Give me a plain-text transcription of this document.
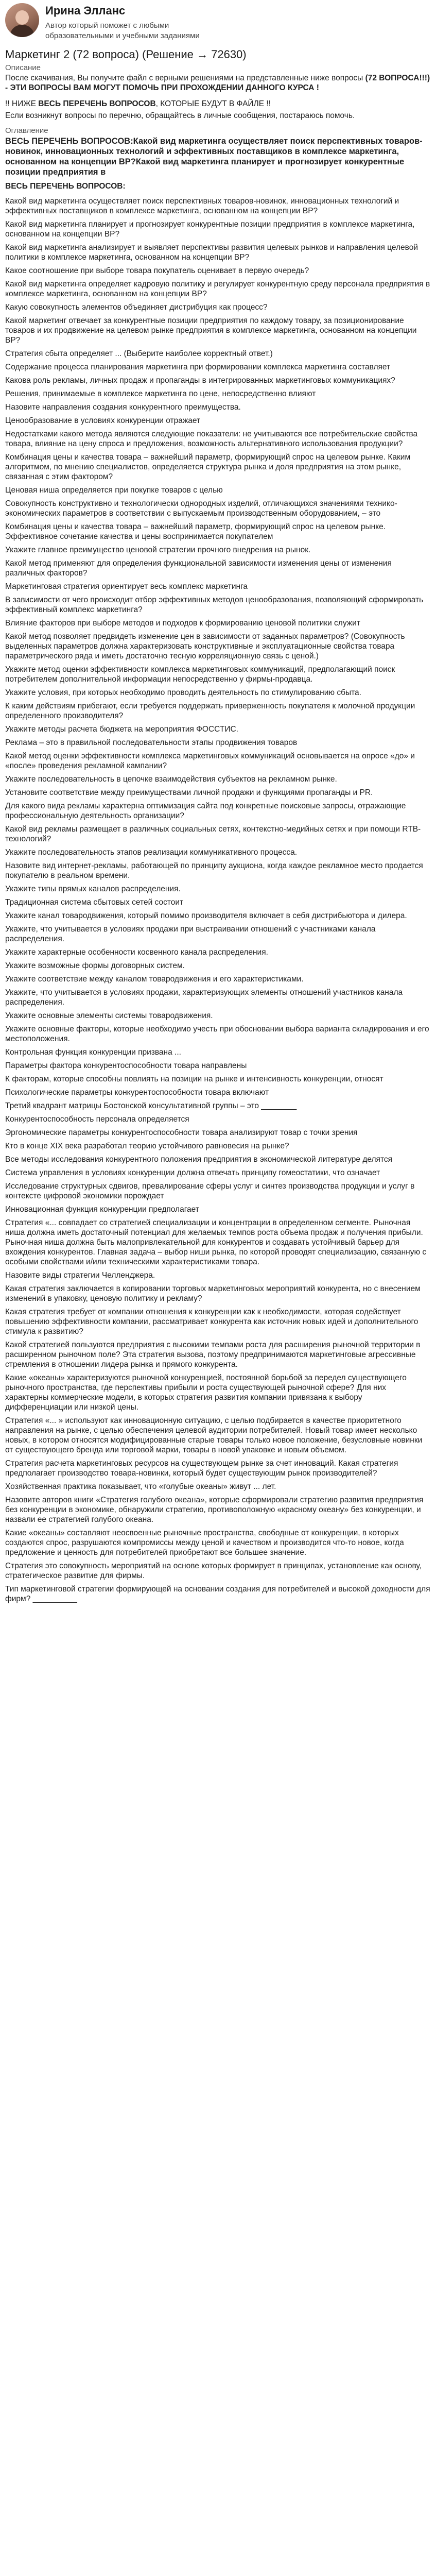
Ирина Элланс
Автор который поможет с любыми образовательными и учебными заданиями
Маркетинг 2 (72 вопроса) (Решение → 72630)
Описание

После скачивания, Вы получите файл с верными решениями на представленные ниже вопросы (72 ВОПРОСА!!!) - ЭТИ ВОПРОСЫ ВАМ МОГУТ ПОМОЧЬ ПРИ ПРОХОЖДЕНИИ ДАННОГО КУРСА !

!! НИЖЕ ВЕСЬ ПЕРЕЧЕНЬ ВОПРОСОВ, КОТОРЫЕ БУДУТ В ФАЙЛЕ !!

Если возникнут вопросы по перечню, обращайтесь в личные сообщения, постараюсь помочь.

Оглавление
ВЕСЬ ПЕРЕЧЕНЬ ВОПРОСОВ:Какой вид маркетинга осуществляет поиск перспективных товаров-новинок, инновационных технологий и эффективных поставщиков в комплексе маркетинга, основанном на концепции ВР?Какой вид маркетинга планирует и прогнозирует конкурентные позиции предприятия в
ВЕСЬ ПЕРЕЧЕНЬ ВОПРОСОВ:
Какой вид маркетинга осуществляет поиск перспективных товаров-новинок, инновационных технологий и эффективных поставщиков в комплексе маркетинга, основанном на концепции ВР?
Какой вид маркетинга планирует и прогнозирует конкурентные позиции предприятия в комплексе маркетинга, основанном на концепции ВР?
Какой вид маркетинга анализирует и выявляет перспективы развития целевых рынков и направления целевой политики в комплексе маркетинга, основанном на концепции ВР?
Какое соотношение при выборе товара покупатель оценивает в первую очередь?
Какой вид маркетинга определяет кадровую политику и регулирует конкурентную среду персонала предприятия в комплексе маркетинга, основанном на концепции ВР?
Какую совокупность элементов объединяет дистрибуция как процесс?
Какой маркетинг отвечает за конкурентные позиции предприятия по каждому товару, за позиционирование товаров и их продвижение на целевом рынке предприятия в комплексе маркетинга, основанном на концепции ВР?
Стратегия сбыта определяет ... (Выберите наиболее корректный ответ.)
Содержание процесса планирования маркетинга при формировании комплекса маркетинга составляет
Какова роль рекламы, личных продаж и пропаганды в интегрированных маркетинговых коммуникациях?
Решения, принимаемые в комплексе маркетинга по цене, непосредственно влияют
Назовите направления создания конкурентного преимущества.
Ценообразование в условиях конкуренции отражает
Недостатками какого метода являются следующие показатели: не учитываются все потребительские свойства товара, влияние на цену спроса и предложения, возможность альтернативного использования продукции?
Комбинация цены и качества товара – важнейший параметр, формирующий спрос на целевом рынке. Каким алгоритмом, по мнению специалистов, определяется структура рынка и доля предприятия на этом рынке, связанная с этим фактором?
Ценовая ниша определяется при покупке товаров с целью
Совокупность конструктивно и технологически однородных изделий, отличающихся значениями технико-экономических параметров в соответствии с выпускаемым производственным оборудованием, – это
Комбинация цены и качества товара – важнейший параметр, формирующий спрос на целевом рынке. Эффективное сочетание качества и цены воспринимается покупателем
Укажите главное преимущество ценовой стратегии прочного внедрения на рынок.
Какой метод применяют для определения функциональной зависимости изменения цены от изменения различных факторов?
Маркетинговая стратегия ориентирует весь комплекс маркетинга
В зависимости от чего происходит отбор эффективных методов ценообразования, позволяющий сформировать эффективный комплекс маркетинга?
Влияние факторов при выборе методов и подходов к формированию ценовой политики служит
Какой метод позволяет предвидеть изменение цен в зависимости от заданных параметров? (Совокупность выделенных параметров должна характеризовать конструктивные и эксплуатационные свойства товара параметрического ряда и иметь достаточно тесную корреляционную связь с ценой.)
Укажите метод оценки эффективности комплекса маркетинговых коммуникаций, предполагающий поиск потребителем дополнительной информации непосредственно у фирмы-продавца.
Укажите условия, при которых необходимо проводить деятельность по стимулированию сбыта.
К каким действиям прибегают, если требуется поддержать приверженность покупателя к молочной продукции определенного производителя?
Укажите методы расчета бюджета на мероприятия ФОССТИС.
Реклама – это в правильной последовательности этапы продвижения товаров
Какой метод оценки эффективности комплекса маркетинговых коммуникаций основывается на опросе «до» и «после» проведения рекламной кампании?
Укажите последовательность в цепочке взаимодействия субъектов на рекламном рынке.
Установите соответствие между преимуществами личной продажи и функциями пропаганды и PR.
Для какого вида рекламы характерна оптимизация сайта под конкретные поисковые запросы, отражающие профессиональную деятельность организации?
Какой вид рекламы размещает в различных социальных сетях, контекстно-медийных сетях и при помощи RTB-технологий?
Укажите последовательность этапов реализации коммуникативного процесса.
Назовите вид интернет-рекламы, работающей по принципу аукциона, когда каждое рекламное место продается покупателю в реальном времени.
Укажите типы прямых каналов распределения.
Традиционная система сбытовых сетей состоит
Укажите канал товародвижения, который помимо производителя включает в себя дистрибьютора и дилера.
Укажите, что учитывается в условиях продажи при выстраивании отношений с участниками канала распределения.
Укажите характерные особенности косвенного канала распределения.
Укажите возможные формы договорных систем.
Укажите соответствие между каналом товародвижения и его характеристиками.
Укажите, что учитывается в условиях продажи, характеризующих элементы отношений участников канала распределения.
Укажите основные элементы системы товародвижения.
Укажите основные факторы, которые необходимо учесть при обосновании выбора варианта складирования и его местоположения.
Контрольная функция конкуренции призвана ...
Параметры фактора конкурентоспособности товара направлены
К факторам, которые способны повлиять на позиции на рынке и интенсивность конкуренции, относят
Психологические параметры конкурентоспособности товара включают
Третий квадрант матрицы Бостонской консультативной группы – это ________
Конкурентоспособность персонала определяется
Эргономические параметры конкурентоспособности товара анализируют товар с точки зрения
Кто в конце XIX века разработал теорию устойчивого равновесия на рынке?
Все методы исследования конкурентного положения предприятия в экономической литературе делятся
Система управления в условиях конкуренции должна отвечать принципу гомеостатики, что означает
Исследование структурных сдвигов, превалирование сферы услуг и синтез производства продукции и услуг в контексте цифровой экономики порождает
Инновационная функция конкуренции предполагает
Стратегия «... совпадает со стратегией специализации и концентрации в определенном сегменте. Рыночная ниша должна иметь достаточный потенциал для желаемых темпов роста объема продаж и получения прибыли. Рыночная ниша должна быть малопривлекательной для конкурентов и создавать устойчивый барьер для вхождения конкурентов. Главная задача – выбор ниши рынка, по которой проводят специализацию, связанную с особыми свойствами и/или техническими характеристиками товара.
Назовите виды стратегии Челленджера.
Какая стратегия заключается в копировании торговых маркетинговых мероприятий конкурента, но с внесением изменений в упаковку, ценовую политику и рекламу?
Какая стратегия требует от компании отношения к конкуренции как к необходимости, которая содействует повышению эффективности компании, рассматривает конкурента как источник новых идей и дополнительного стимула к развитию?
Какой стратегией пользуются предприятия с высокими темпами роста для расширения рыночной территории в расширенном рыночном поле? Эта стратегия вызова, поэтому предпринимаются маркетинговые агрессивные стремления в отношении лидера рынка и прямого конкурента.
Какие «океаны» характеризуются рыночной конкуренцией, постоянной борьбой за передел существующего рыночного пространства, где перспективы прибыли и роста существующей рыночной сфере? Для них характерны коммерческие модели, в которых стратегия развития компании привязана к выбору дифференциации или низкой цены.
Стратегия «... » используют как инновационную ситуацию, с целью подбирается в качестве приоритетного направления на рынке, с целью обеспечения целевой аудитории потребителей. Новый товар имеет несколько новых, в котором относятся модифицированные старые товары только новое положение, безусловные новинки от существующего бренда или торговой марки, товары в новой упаковке и новым объемом.
Стратегия расчета маркетинговых ресурсов на существующем рынке за счет инноваций. Какая стратегия предполагает производство товара-новинки, который будет существующим рынок производителей?
Хозяйственная практика показывает, что «голубые океаны» живут ... лет.
Назовите авторов книги «Стратегия голубого океана», которые сформировали стратегию развития предприятия без конкуренции в экономике, обнаружили стратегию, противоположную «красному океану» без конкуренции, и назвали ее стратегией голубого океана.
Какие «океаны» составляют неосвоенные рыночные пространства, свободные от конкуренции, в которых создаются спрос, разрушаются компромиссы между ценой и качеством и производится что-то новое, когда предложение и ценность для потребителей приобретают все большее значение.
Стратегия это совокупность мероприятий на основе которых формирует в принципах, установление как основу, стратегическое развитие для фирмы.
Тип маркетинговой стратегии формирующей на основании создания для потребителей и высокой доходности для фирм? __________
